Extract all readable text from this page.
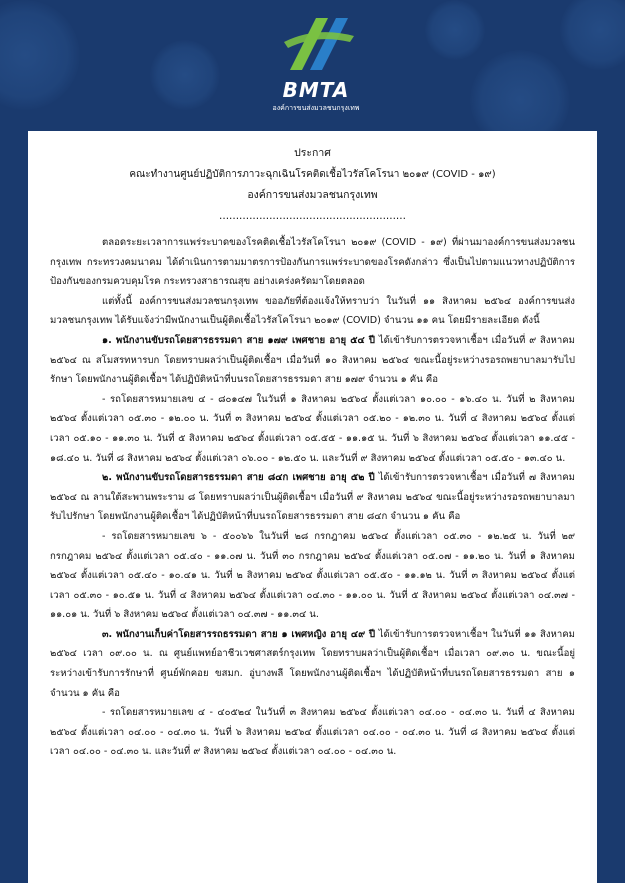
BMTA
องค์การขนส่งมวลชนกรุงเทพ
ประกาศ
คณะทำงานศูนย์ปฏิบัติการภาวะฉุกเฉินโรคติดเชื้อไวรัสโคโรนา ๒๐๑๙ (COVID - ๑๙)
องค์การขนส่งมวลชนกรุงเทพ
........................................................

ตลอดระยะเวลาการแพร่ระบาดของโรคติดเชื้อไวรัสโคโรนา ๒๐๑๙ (COVID - ๑๙) ที่ผ่านมาองค์การขนส่งมวลชนกรุงเทพ กระทรวงคมนาคม ได้ดำเนินการตามมาตรการป้องกันการแพร่ระบาดของโรคดังกล่าว ซึ่งเป็นไปตามแนวทางปฏิบัติการป้องกันของกรมควบคุมโรค กระทรวงสาธารณสุข อย่างเคร่งครัดมาโดยตลอด

แต่ทั้งนี้ องค์การขนส่งมวลชนกรุงเทพ ขออภัยที่ต้องแจ้งให้ทราบว่า ในวันที่ ๑๑ สิงหาคม ๒๕๖๔ องค์การขนส่งมวลชนกรุงเทพ ได้รับแจ้งว่ามีพนักงานเป็นผู้ติดเชื้อไวรัสโคโรนา ๒๐๑๙ (COVID) จำนวน ๑๑ คน โดยมีรายละเอียด ดังนี้

๑. พนักงานขับรถโดยสารธรรมดา สาย ๑๗๙ เพศชาย อายุ ๕๔ ปี ได้เข้ารับการตรวจหาเชื้อฯ เมื่อวันที่ ๙ สิงหาคม ๒๕๖๔ ณ สโมสรทหารบก โดยทราบผลว่าเป็นผู้ติดเชื้อฯ เมื่อวันที่ ๑๐ สิงหาคม ๒๕๖๔ ขณะนี้อยู่ระหว่างรอรถพยาบาลมารับไปรักษา โดยพนักงานผู้ติดเชื้อฯ ได้ปฏิบัติหน้าที่บนรถโดยสารธรรมดา สาย ๑๗๙ จำนวน ๑ คัน คือ

- รถโดยสารหมายเลข ๔ - ๘๐๑๔๗ ในวันที่ ๑ สิงหาคม ๒๕๖๔ ตั้งแต่เวลา ๑๐.๐๐ - ๑๖.๔๐ น. วันที่ ๒ สิงหาคม ๒๕๖๔ ตั้งแต่เวลา ๐๕.๓๐ - ๑๒.๐๐ น. วันที่ ๓ สิงหาคม ๒๕๖๔ ตั้งแต่เวลา ๐๕.๒๐ - ๑๒.๓๐ น. วันที่ ๔ สิงหาคม ๒๕๖๔ ตั้งแต่เวลา ๐๕.๑๐ - ๑๑.๓๐ น. วันที่ ๕ สิงหาคม ๒๕๖๔ ตั้งแต่เวลา ๐๕.๕๕ - ๑๑.๑๕ น. วันที่ ๖ สิงหาคม ๒๕๖๔ ตั้งแต่เวลา ๑๑.๔๕ - ๑๘.๔๐ น. วันที่ ๘ สิงหาคม ๒๕๖๔ ตั้งแต่เวลา ๐๖.๐๐ - ๑๒.๕๐ น. และวันที่ ๙ สิงหาคม ๒๕๖๔ ตั้งแต่เวลา ๐๕.๕๐ - ๑๓.๔๐ น.

๒. พนักงานขับรถโดยสารธรรมดา สาย ๘๔ก เพศชาย อายุ ๕๒ ปี ได้เข้ารับการตรวจหาเชื้อฯ เมื่อวันที่ ๗ สิงหาคม ๒๕๖๔ ณ ลานใต้สะพานพระราม ๘ โดยทราบผลว่าเป็นผู้ติดเชื้อฯ เมื่อวันที่ ๙ สิงหาคม ๒๕๖๔ ขณะนี้อยู่ระหว่างรอรถพยาบาลมารับไปรักษา โดยพนักงานผู้ติดเชื้อฯ ได้ปฏิบัติหน้าที่บนรถโดยสารธรรมดา สาย ๘๔ก จำนวน ๑ คัน คือ

- รถโดยสารหมายเลข ๖ - ๕๐๐๖๖ ในวันที่ ๒๘ กรกฎาคม ๒๕๖๔ ตั้งแต่เวลา ๐๕.๓๐ - ๑๒.๒๕ น. วันที่ ๒๙ กรกฎาคม ๒๕๖๔ ตั้งแต่เวลา ๐๕.๔๐ - ๑๑.๐๗ น. วันที่ ๓๐ กรกฎาคม ๒๕๖๔ ตั้งแต่เวลา ๐๕.๐๗ - ๑๑.๒๐ น. วันที่ ๑ สิงหาคม ๒๕๖๔ ตั้งแต่เวลา ๐๕.๔๐ - ๑๐.๔๑ น. วันที่ ๒ สิงหาคม ๒๕๖๔ ตั้งแต่เวลา ๐๕.๕๐ - ๑๑.๑๒ น. วันที่ ๓ สิงหาคม ๒๕๖๔ ตั้งแต่เวลา ๐๕.๓๐ - ๑๐.๕๑ น. วันที่ ๔ สิงหาคม ๒๕๖๔ ตั้งแต่เวลา ๐๔.๓๐ - ๑๑.๐๐ น. วันที่ ๕ สิงหาคม ๒๕๖๔ ตั้งแต่เวลา ๐๔.๓๗ - ๑๑.๐๑ น. วันที่ ๖ สิงหาคม ๒๕๖๔ ตั้งแต่เวลา ๐๔.๓๗ - ๑๑.๓๔ น.

๓. พนักงานเก็บค่าโดยสารรถธรรมดา สาย ๑ เพศหญิง อายุ ๔๙ ปี ได้เข้ารับการตรวจหาเชื้อฯ ในวันที่ ๑๑ สิงหาคม ๒๕๖๔ เวลา ๐๙.๐๐ น. ณ ศูนย์แพทย์อาชีวเวชศาสตร์กรุงเทพ โดยทราบผลว่าเป็นผู้ติดเชื้อฯ เมื่อเวลา ๐๙.๓๐ น. ขณะนี้อยู่ระหว่างเข้ารับการรักษาที่ ศูนย์พักคอย ขสมก. อู่บางพลี โดยพนักงานผู้ติดเชื้อฯ ได้ปฏิบัติหน้าที่บนรถโดยสารธรรมดา สาย ๑ จำนวน ๑ คัน คือ

- รถโดยสารหมายเลข ๔ - ๔๐๕๒๔ ในวันที่ ๓ สิงหาคม ๒๕๖๔ ตั้งแต่เวลา ๐๔.๐๐ - ๐๔.๓๐ น. วันที่ ๔ สิงหาคม ๒๕๖๔ ตั้งแต่เวลา ๐๔.๐๐ - ๐๔.๓๐ น. วันที่ ๖ สิงหาคม ๒๕๖๔ ตั้งแต่เวลา ๐๔.๐๐ - ๐๔.๓๐ น. วันที่ ๘ สิงหาคม ๒๕๖๔ ตั้งแต่เวลา ๐๔.๐๐ - ๐๔.๓๐ น. และวันที่ ๙ สิงหาคม ๒๕๖๔ ตั้งแต่เวลา ๐๔.๐๐ - ๐๔.๓๐ น.
